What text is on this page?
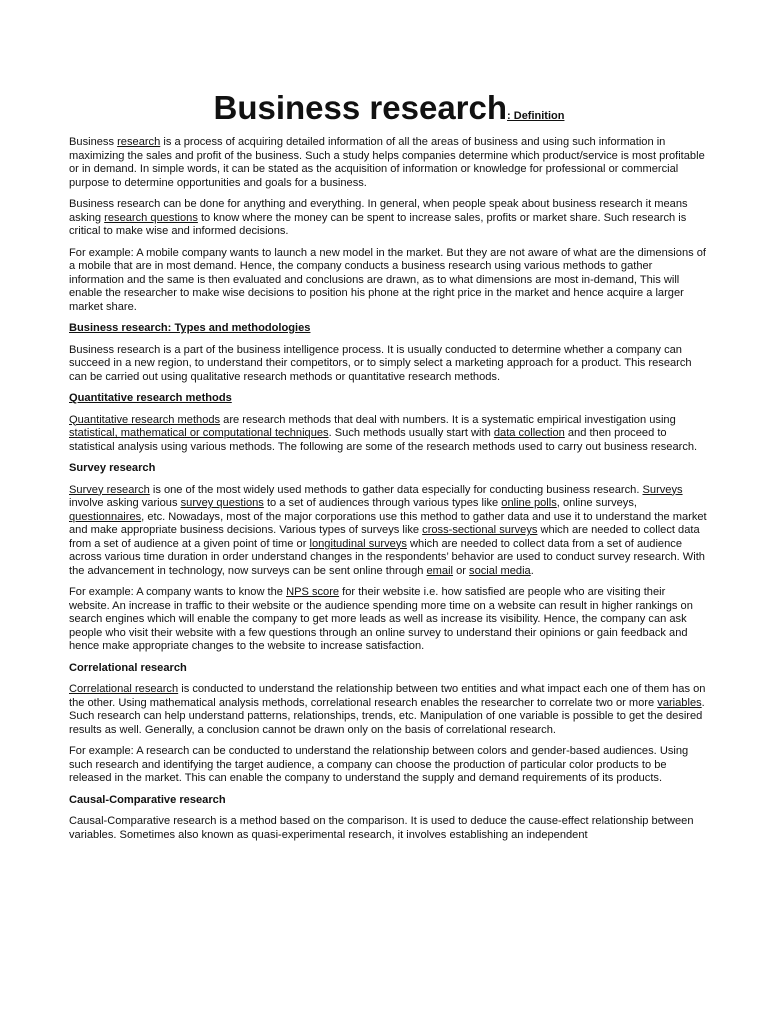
Business research: Definition

Business research is a process of acquiring detailed information of all the areas of business and using such information in maximizing the sales and profit of the business. Such a study helps companies determine which product/service is most profitable or in demand. In simple words, it can be stated as the acquisition of information or knowledge for professional or commercial purpose to determine opportunities and goals for a business.

Business research can be done for anything and everything. In general, when people speak about business research it means asking research questions to know where the money can be spent to increase sales, profits or market share. Such research is critical to make wise and informed decisions.

For example: A mobile company wants to launch a new model in the market. But they are not aware of what are the dimensions of a mobile that are in most demand. Hence, the company conducts a business research using various methods to gather information and the same is then evaluated and conclusions are drawn, as to what dimensions are most in-demand, This will enable the researcher to make wise decisions to position his phone at the right price in the market and hence acquire a larger market share.

Business research: Types and methodologies

Business research is a part of the business intelligence process. It is usually conducted to determine whether a company can succeed in a new region, to understand their competitors, or to simply select a marketing approach for a product. This research can be carried out using qualitative research methods or quantitative research methods.

Quantitative research methods

Quantitative research methods are research methods that deal with numbers. It is a systematic empirical investigation using statistical, mathematical or computational techniques. Such methods usually start with data collection and then proceed to statistical analysis using various methods. The following are some of the research methods used to carry out business research.

Survey research

Survey research is one of the most widely used methods to gather data especially for conducting business research. Surveys involve asking various survey questions to a set of audiences through various types like online polls, online surveys, questionnaires, etc. Nowadays, most of the major corporations use this method to gather data and use it to understand the market and make appropriate business decisions. Various types of surveys like cross-sectional surveys which are needed to collect data from a set of audience at a given point of time or longitudinal surveys which are needed to collect data from a set of audience across various time duration in order understand changes in the respondents’ behavior are used to conduct survey research. With the advancement in technology, now surveys can be sent online through email or social media.

For example: A company wants to know the NPS score for their website i.e. how satisfied are people who are visiting their website. An increase in traffic to their website or the audience spending more time on a website can result in higher rankings on search engines which will enable the company to get more leads as well as increase its visibility. Hence, the company can ask people who visit their website with a few questions through an online survey to understand their opinions or gain feedback and hence make appropriate changes to the website to increase satisfaction.

Correlational research

Correlational research is conducted to understand the relationship between two entities and what impact each one of them has on the other. Using mathematical analysis methods, correlational research enables the researcher to correlate two or more variables. Such research can help understand patterns, relationships, trends, etc. Manipulation of one variable is possible to get the desired results as well. Generally, a conclusion cannot be drawn only on the basis of correlational research.

For example: A research can be conducted to understand the relationship between colors and gender-based audiences. Using such research and identifying the target audience, a company can choose the production of particular color products to be released in the market. This can enable the company to understand the supply and demand requirements of its products.

Causal-Comparative research

Causal-Comparative research is a method based on the comparison. It is used to deduce the cause-effect relationship between variables. Sometimes also known as quasi-experimental research, it involves establishing an independent
